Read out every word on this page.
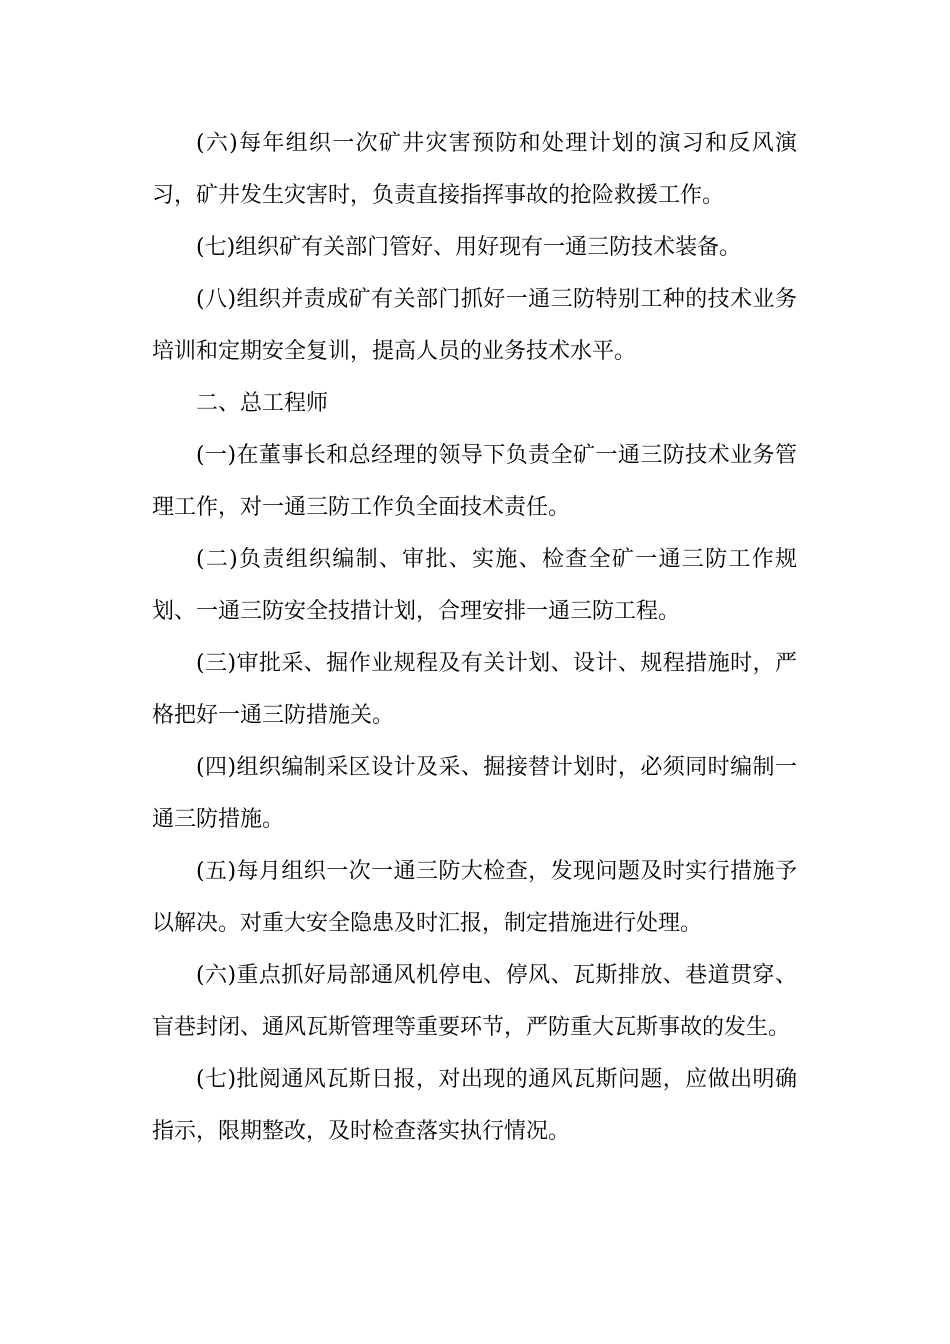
(六)每年组织一次矿井灾害预防和处理计划的演习和反风演习，矿井发生灾害时，负责直接指挥事故的抢险救援工作。

(七)组织矿有关部门管好、用好现有一通三防技术装备。

(八)组织并责成矿有关部门抓好一通三防特别工种的技术业务培训和定期安全复训，提高人员的业务技术水平。

二、总工程师

(一)在董事长和总经理的领导下负责全矿一通三防技术业务管理工作，对一通三防工作负全面技术责任。

(二)负责组织编制、审批、实施、检查全矿一通三防工作规划、一通三防安全技措计划，合理安排一通三防工程。

(三)审批采、掘作业规程及有关计划、设计、规程措施时，严格把好一通三防措施关。

(四)组织编制采区设计及采、掘接替计划时，必须同时编制一通三防措施。

(五)每月组织一次一通三防大检查，发现问题及时实行措施予以解决。对重大安全隐患及时汇报，制定措施进行处理。

(六)重点抓好局部通风机停电、停风、瓦斯排放、巷道贯穿、盲巷封闭、通风瓦斯管理等重要环节，严防重大瓦斯事故的发生。

(七)批阅通风瓦斯日报，对出现的通风瓦斯问题，应做出明确指示，限期整改，及时检查落实执行情况。
